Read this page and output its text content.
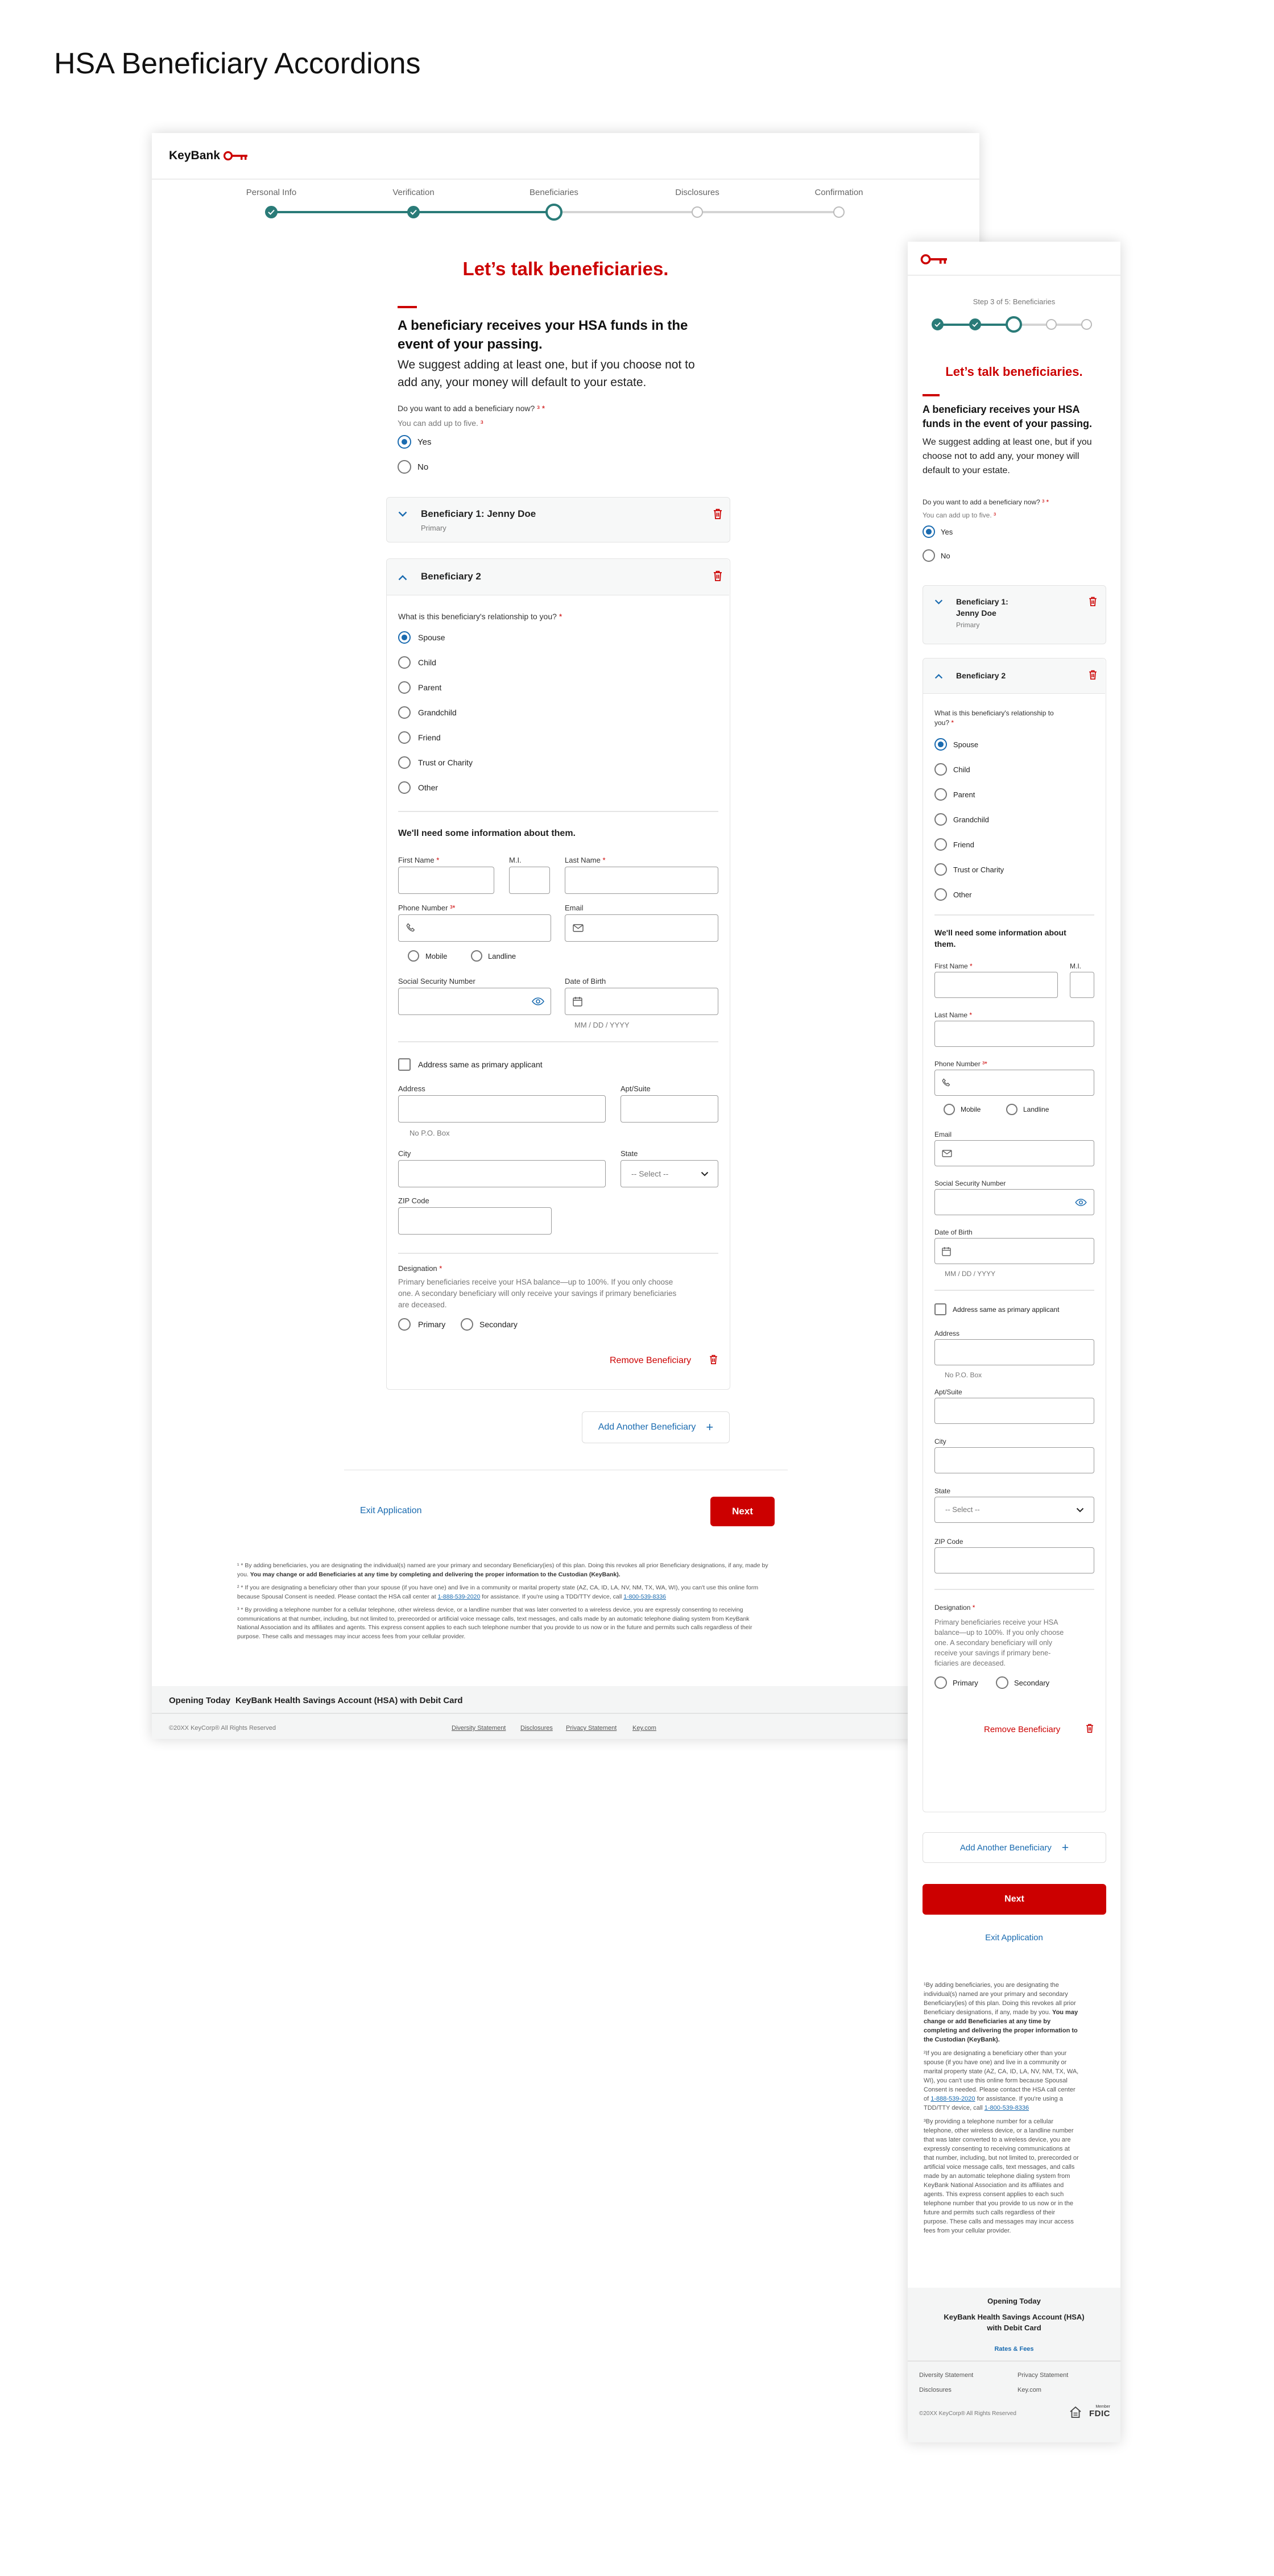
HSA Beneficiary Accordions
KeyBank
Personal Info	Verification	Beneficiaries	Disclosures	Confirmation
Let’s talk beneficiaries.
A beneficiary receives your HSA funds in the event of your passing.
We suggest adding at least one, but if you choose not to add any, your money will default to your estate.
Do you want to add a beneficiary now? ³ *
You can add up to five. ³
Yes
No
Beneficiary 1: Jenny Doe
Primary
Beneficiary 2
What is this beneficiary's relationship to you? *
Spouse
Child
Parent
Grandchild
Friend
Trust or Charity
Other
We'll need some information about them.
First Name *	M.I.	Last Name *
Phone Number ³*	Email
Mobile	Landline
Social Security Number	Date of Birth
MM / DD / YYYY
Address same as primary applicant
Address
No P.O. Box
Apt/Suite
City	State
-- Select --
ZIP Code
Designation *
Primary beneficiaries receive your HSA balance—up to 100%. If you only choose
one. A secondary beneficiary will only receive your savings if primary beneficiaries
are deceased.
Primary	Secondary
Remove Beneficiary
Add Another Beneficiary +
Exit Application	Next

¹ * By adding beneficiaries, you are designating the individual(s) named are your primary and secondary Beneficiary(ies) of this plan. Doing this revokes all prior Beneficiary designations, if any, made by
you. You may change or add Beneficiaries at any time by completing and delivering the proper information to the Custodian (KeyBank).

² * If you are designating a beneficiary other than your spouse (if you have one) and live in a community or marital property state (AZ, CA, ID, LA, NV, NM, TX, WA, WI), you can't use this online form
because Spousal Consent is needed. Please contact the HSA call center at 1-888-539-2020 for assistance. If you're using a TDD/TTY device, call 1-800-539-8336

³ * By providing a telephone number for a cellular telephone, other wireless device, or a landline number that was later converted to a wireless device, you are expressly consenting to receiving
communications at that number, including, but not limited to, prerecorded or artificial voice message calls, text messages, and calls made by an automatic telephone dialing system from KeyBank
National Association and its affiliates and agents. This express consent applies to each such telephone number that you provide to us now or in the future and permits such calls regardless of their
purpose. These calls and messages may incur access fees from your cellular provider.

Opening Today KeyBank Health Savings Account (HSA) with Debit Card
©20XX KeyCorp® All Rights Reserved	Diversity Statement Disclosures Privacy Statement	Key.com
Step 3 of 5: Beneficiaries
Let’s talk beneficiaries.
A beneficiary receives your HSA funds in the event of your passing.
We suggest adding at least one, but if you choose not to add any, your money will default to your estate.
Do you want to add a beneficiary now? ³ *
You can add up to five. ³
Yes
No
Beneficiary 1:
Jenny Doe
Primary
Beneficiary 2
What is this beneficiary's relationship to
you? *
Spouse
Child
Parent
Grandchild
Friend
Trust or Charity
Other
We'll need some information about
them.
First Name *	M.I.
Last Name *
Phone Number ³*
Mobile	Landline
Email
Social Security Number
Date of Birth
MM / DD / YYYY
Address same as primary applicant
Address
No P.O. Box
Apt/Suite
City
State
-- Select --
ZIP Code
Designation *
Primary beneficiaries receive your HSA
balance—up to 100%. If you only choose
one. A secondary beneficiary will only
receive your savings if primary bene-
ficiaries are deceased.
Primary	Secondary
Remove Beneficiary
Add Another Beneficiary +
Next
Exit Application
¹By adding beneficiaries, you are designating the
individual(s) named are your primary and secondary
Beneficiary(ies) of this plan. Doing this revokes all prior
Beneficiary designations, if any, made by you. You may
change or add Beneficiaries at any time by
completing and delivering the proper information to
the Custodian (KeyBank).
²If you are designating a beneficiary other than your
spouse (if you have one) and live in a community or
marital property state (AZ, CA, ID, LA, NV, NM, TX, WA,
WI), you can't use this online form because Spousal
Consent is needed. Please contact the HSA call center
of 1-888-539-2020 for assistance. If you're using a
TDD/TTY device, call 1-800-539-8336
³By providing a telephone number for a cellular
telephone, other wireless device, or a landline number
that was later converted to a wireless device, you are
expressly consenting to receiving communications at
that number, including, but not limited to, prerecorded or
artificial voice message calls, text messages, and calls
made by an automatic telephone dialing system from
KeyBank National Association and its affiliates and
agents. This express consent applies to each such
telephone number that you provide to us now or in the
future and permits such calls regardless of their
purpose. These calls and messages may incur access
fees from your cellular provider.
Opening Today
KeyBank Health Savings Account (HSA)
with Debit Card
Rates & Fees
Diversity Statement	Privacy Statement
Disclosures	Key.com
©20XX KeyCorp® All Rights Reserved
Member
FDIC
